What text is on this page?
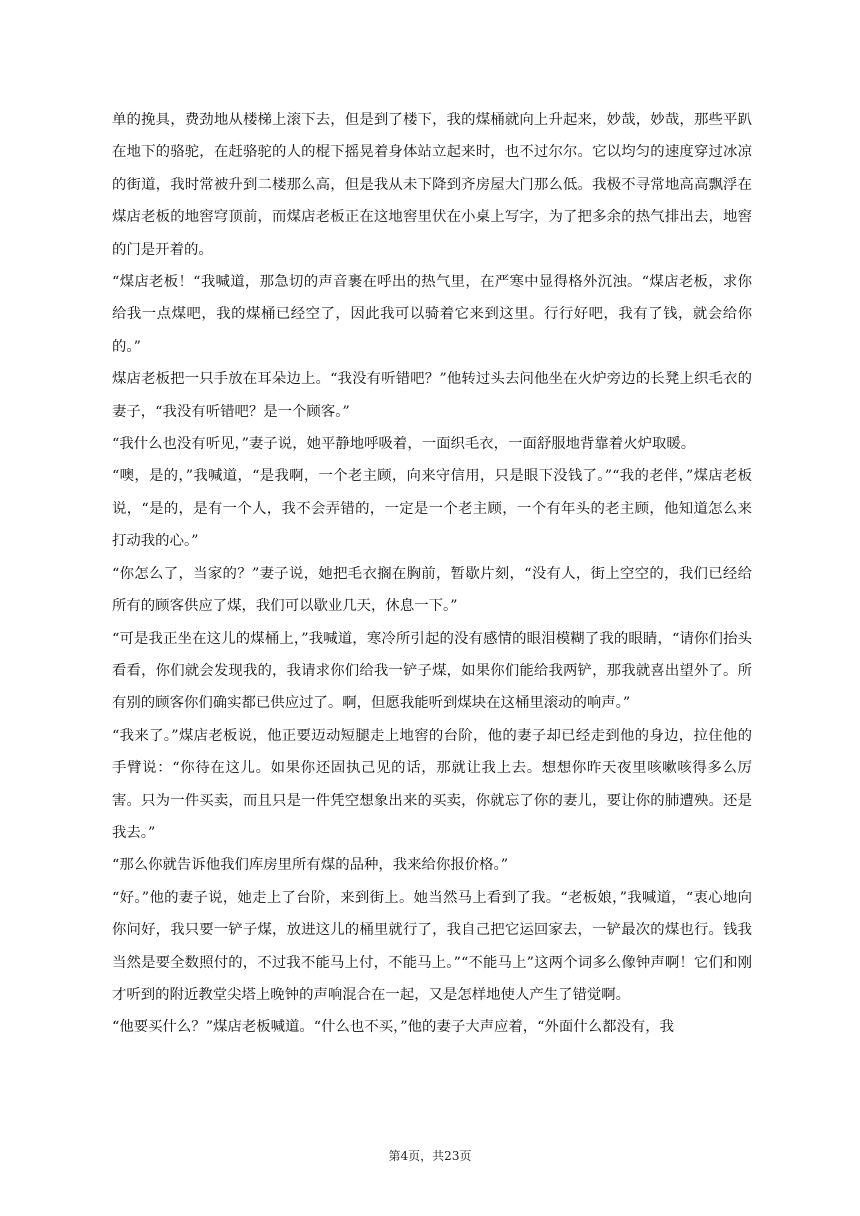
单的挽具，费劲地从楼梯上滚下去，但是到了楼下，我的煤桶就向上升起来，妙哉，妙哉，那些平趴在地下的骆驼，在赶骆驼的人的棍下摇晃着身体站立起来时，也不过尔尔。它以均匀的速度穿过冰凉的街道，我时常被升到二楼那么高，但是我从未下降到齐房屋大门那么低。我极不寻常地高高飘浮在煤店老板的地窖穹顶前，而煤店老板正在这地窖里伏在小桌上写字，为了把多余的热气排出去，地窖的门是开着的。

“煤店老板！“我喊道，那急切的声音裹在呼出的热气里，在严寒中显得格外沉浊。“煤店老板，求你给我一点煤吧，我的煤桶已经空了，因此我可以骑着它来到这里。行行好吧，我有了钱，就会给你的。”

煤店老板把一只手放在耳朵边上。“我没有听错吧？”他转过头去问他坐在火炉旁边的长凳上织毛衣的妻子，“我没有听错吧？是一个顾客。”

“我什么也没有听见，”妻子说，她平静地呼吸着，一面织毛衣，一面舒服地背靠着火炉取暖。

“噢，是的，”我喊道，“是我啊，一个老主顾，向来守信用，只是眼下没钱了。”“我的老伴，”煤店老板说，“是的，是有一个人，我不会弄错的，一定是一个老主顾，一个有年头的老主顾，他知道怎么来打动我的心。”

“你怎么了，当家的？”妻子说，她把毛衣搁在胸前，暂歇片刻，“没有人，街上空空的，我们已经给所有的顾客供应了煤，我们可以歇业几天，休息一下。”

“可是我正坐在这儿的煤桶上，”我喊道，寒冷所引起的没有感情的眼泪模糊了我的眼睛，“请你们抬头看看，你们就会发现我的，我请求你们给我一铲子煤，如果你们能给我两铲，那我就喜出望外了。所有别的顾客你们确实都已供应过了。啊，但愿我能听到煤块在这桶里滚动的响声。”

“我来了。”煤店老板说，他正要迈动短腿走上地窖的台阶，他的妻子却已经走到他的身边，拉住他的手臂说：“你待在这儿。如果你还固执己见的话，那就让我上去。想想你昨天夜里咳嗽咳得多么厉害。只为一件买卖，而且只是一件凭空想象出来的买卖，你就忘了你的妻儿，要让你的肺遭殃。还是我去。”

“那么你就告诉他我们库房里所有煤的品种，我来给你报价格。”

“好。”他的妻子说，她走上了台阶，来到街上。她当然马上看到了我。“老板娘，”我喊道，“衷心地向你问好，我只要一铲子煤，放进这儿的桶里就行了，我自己把它运回家去，一铲最次的煤也行。钱我当然是要全数照付的，不过我不能马上付，不能马上。”“不能马上”这两个词多么像钟声啊！它们和刚才听到的附近教堂尖塔上晚钟的声响混合在一起，又是怎样地使人产生了错觉啊。

“他要买什么？”煤店老板喊道。“什么也不买，”他的妻子大声应着，“外面什么都没有，我

第4页，共23页
